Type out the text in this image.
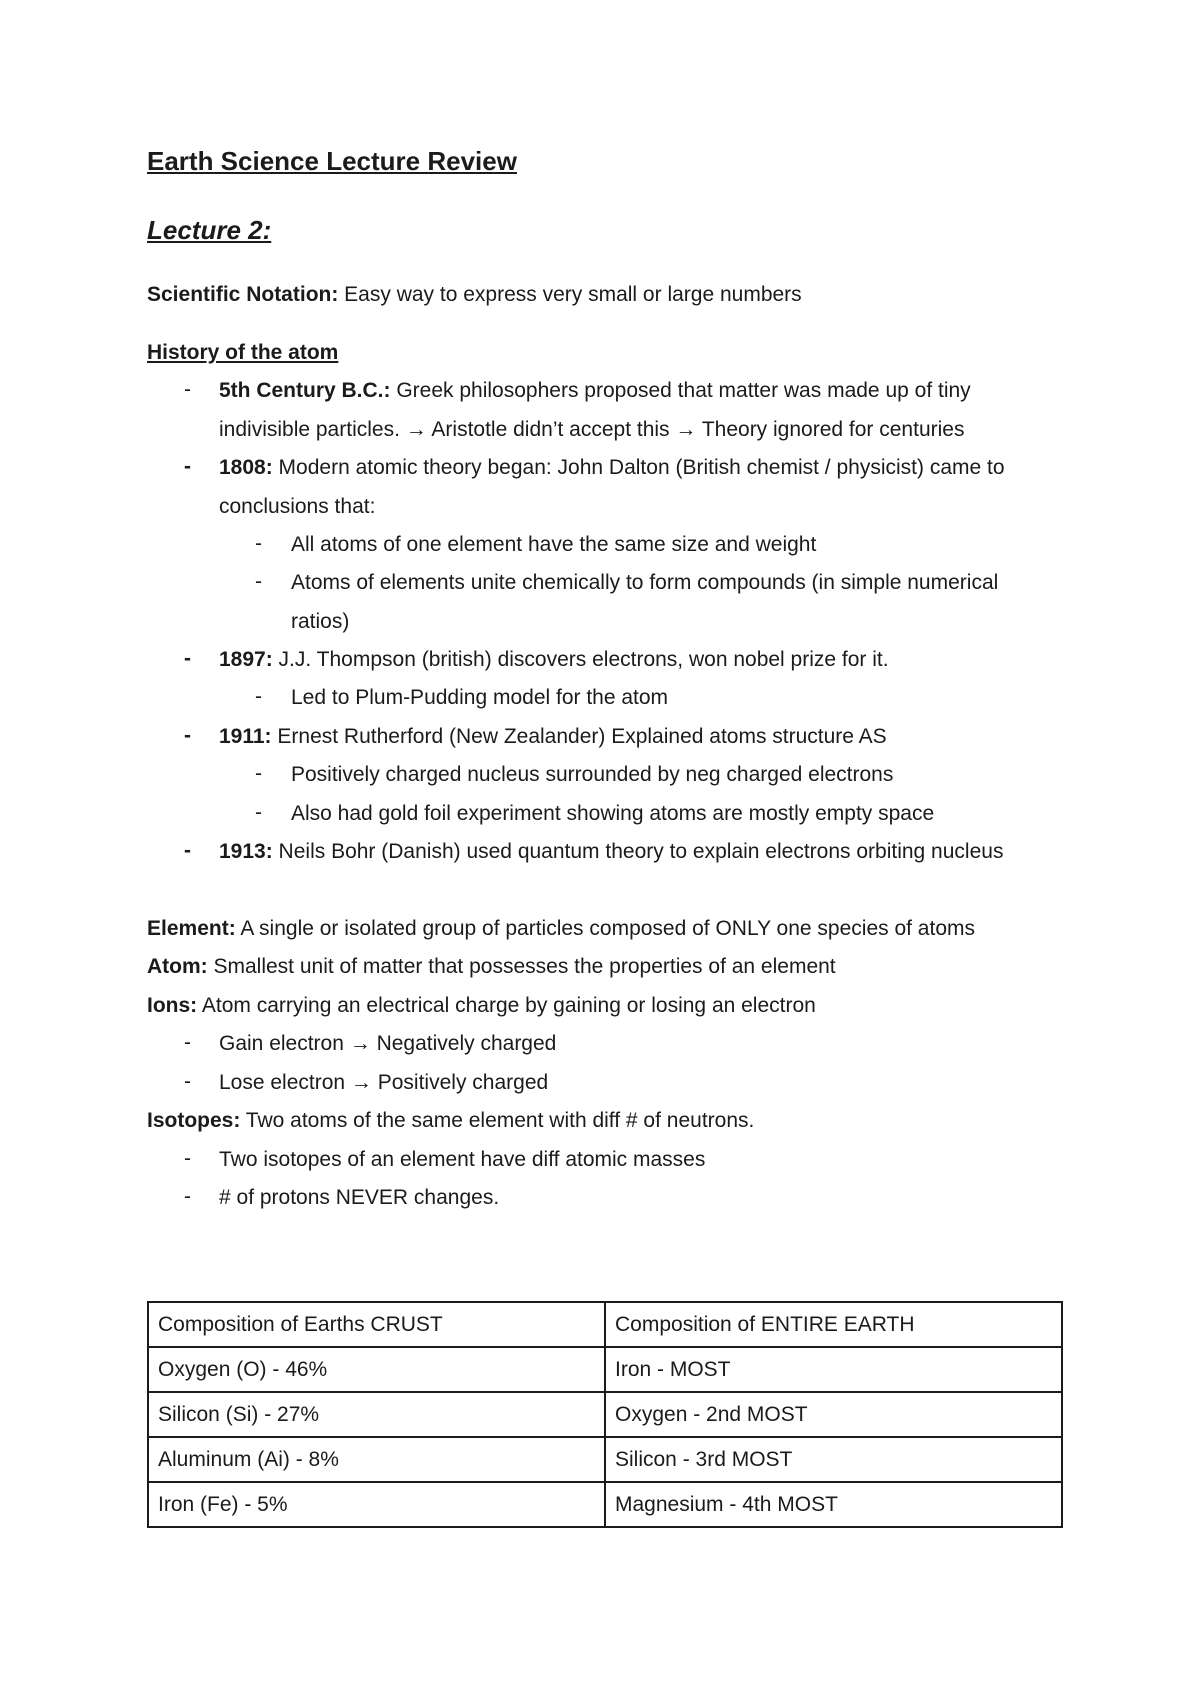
Earth Science Lecture Review
Lecture 2:
Scientific Notation: Easy way to express very small or large numbers
History of the atom
- 5th Century B.C.: Greek philosophers proposed that matter was made up of tiny
indivisible particles. → Aristotle didn’t accept this → Theory ignored for centuries
- 1808: Modern atomic theory began: John Dalton (British chemist / physicist) came to
conclusions that:
- All atoms of one element have the same size and weight
- Atoms of elements unite chemically to form compounds (in simple numerical
ratios)
- 1897: J.J. Thompson (british) discovers electrons, won nobel prize for it.
- Led to Plum-Pudding model for the atom
- 1911: Ernest Rutherford (New Zealander) Explained atoms structure AS
- Positively charged nucleus surrounded by neg charged electrons
- Also had gold foil experiment showing atoms are mostly empty space
- 1913: Neils Bohr (Danish) used quantum theory to explain electrons orbiting nucleus
Element: A single or isolated group of particles composed of ONLY one species of atoms
Atom: Smallest unit of matter that possesses the properties of an element
Ions: Atom carrying an electrical charge by gaining or losing an electron
- Gain electron → Negatively charged
- Lose electron → Positively charged
Isotopes: Two atoms of the same element with diff # of neutrons.
- Two isotopes of an element have diff atomic masses
- # of protons NEVER changes.
Composition of Earths CRUST	Composition of ENTIRE EARTH
Oxygen (O) - 46%	Iron - MOST
Silicon (Si) - 27%	Oxygen - 2nd MOST
Aluminum (Ai) - 8%	Silicon - 3rd MOST
Iron (Fe) - 5%	Magnesium - 4th MOST
